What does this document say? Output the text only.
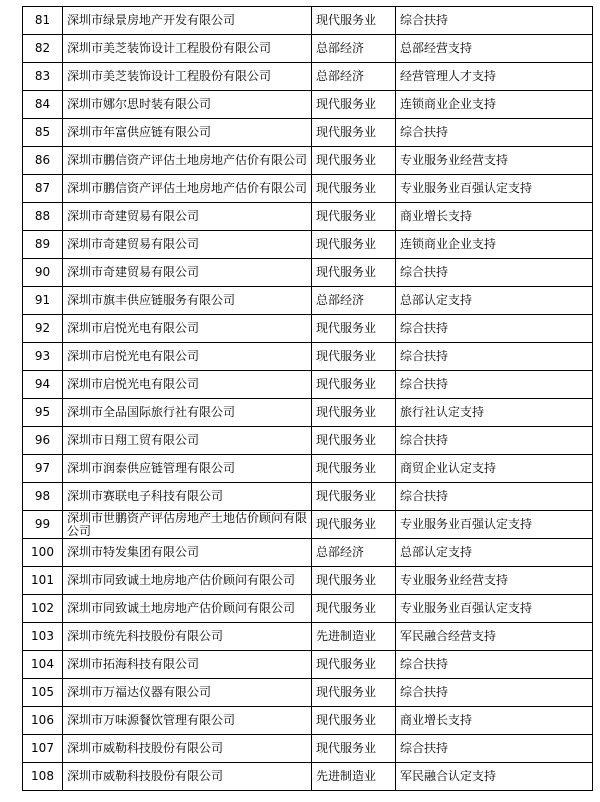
81	深圳市绿景房地产开发有限公司	现代服务业	综合扶持
82	深圳市美芝装饰设计工程股份有限公司	总部经济	总部经营支持
83	深圳市美芝装饰设计工程股份有限公司	总部经济	经营管理人才支持
84	深圳市娜尔思时装有限公司	现代服务业	连锁商业企业支持
85	深圳市年富供应链有限公司	现代服务业	综合扶持
86	深圳市鹏信资产评估土地房地产估价有限公司	现代服务业	专业服务业经营支持
87	深圳市鹏信资产评估土地房地产估价有限公司	现代服务业	专业服务业百强认定支持
88	深圳市奇建贸易有限公司	现代服务业	商业增长支持
89	深圳市奇建贸易有限公司	现代服务业	连锁商业企业支持
90	深圳市奇建贸易有限公司	现代服务业	综合扶持
91	深圳市旗丰供应链服务有限公司	总部经济	总部认定支持
92	深圳市启悦光电有限公司	现代服务业	综合扶持
93	深圳市启悦光电有限公司	现代服务业	综合扶持
94	深圳市启悦光电有限公司	现代服务业	综合扶持
95	深圳市全品国际旅行社有限公司	现代服务业	旅行社认定支持
96	深圳市日翔工贸有限公司	现代服务业	综合扶持
97	深圳市润泰供应链管理有限公司	现代服务业	商贸企业认定支持
98	深圳市赛联电子科技有限公司	现代服务业	综合扶持
99	深圳市世鹏资产评估房地产土地估价顾问有限公司	现代服务业	专业服务业百强认定支持
100	深圳市特发集团有限公司	总部经济	总部认定支持
101	深圳市同致诚土地房地产估价顾问有限公司	现代服务业	专业服务业经营支持
102	深圳市同致诚土地房地产估价顾问有限公司	现代服务业	专业服务业百强认定支持
103	深圳市统先科技股份有限公司	先进制造业	军民融合经营支持
104	深圳市拓海科技有限公司	现代服务业	综合扶持
105	深圳市万福达仪器有限公司	现代服务业	综合扶持
106	深圳市万味源餐饮管理有限公司	现代服务业	商业增长支持
107	深圳市威勒科技股份有限公司	现代服务业	综合扶持
108	深圳市威勒科技股份有限公司	先进制造业	军民融合认定支持
